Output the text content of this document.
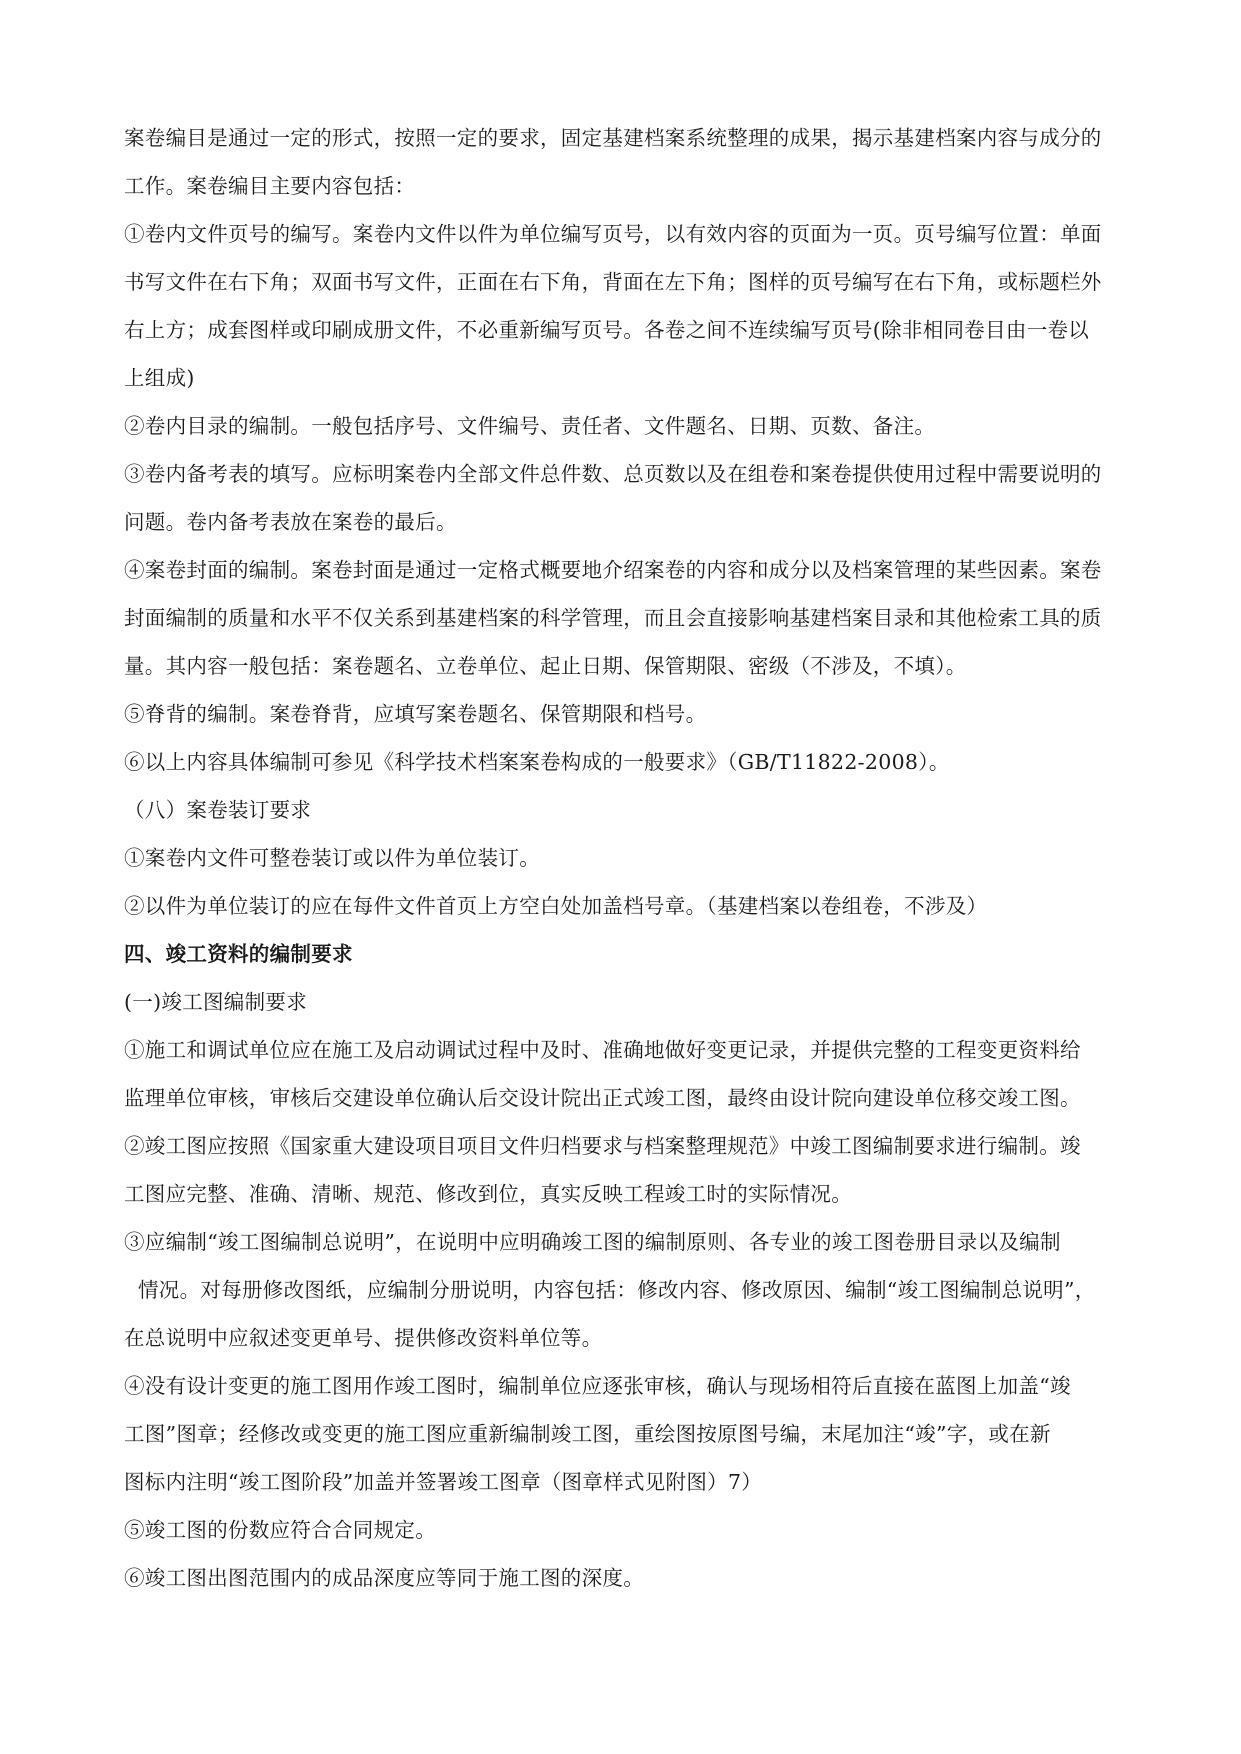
案卷编目是通过一定的形式，按照一定的要求，固定基建档案系统整理的成果，揭示基建档案内容与成分的
工作。案卷编目主要内容包括：
①卷内文件页号的编写。案卷内文件以件为单位编写页号，以有效内容的页面为一页。页号编写位置：单面
书写文件在右下角；双面书写文件，正面在右下角，背面在左下角；图样的页号编写在右下角，或标题栏外
右上方；成套图样或印刷成册文件，不必重新编写页号。各卷之间不连续编写页号(除非相同卷目由一卷以
上组成)
②卷内目录的编制。一般包括序号、文件编号、责任者、文件题名、日期、页数、备注。
③卷内备考表的填写。应标明案卷内全部文件总件数、总页数以及在组卷和案卷提供使用过程中需要说明的
问题。卷内备考表放在案卷的最后。
④案卷封面的编制。案卷封面是通过一定格式概要地介绍案卷的内容和成分以及档案管理的某些因素。案卷
封面编制的质量和水平不仅关系到基建档案的科学管理，而且会直接影响基建档案目录和其他检索工具的质
量。其内容一般包括：案卷题名、立卷单位、起止日期、保管期限、密级（不涉及，不填）。
⑤脊背的编制。案卷脊背，应填写案卷题名、保管期限和档号。
⑥以上内容具体编制可参见《科学技术档案案卷构成的一般要求》（GB/T11822-2008）。
（八）案卷装订要求
①案卷内文件可整卷装订或以件为单位装订。
②以件为单位装订的应在每件文件首页上方空白处加盖档号章。（基建档案以卷组卷，不涉及）
四、竣工资料的编制要求
(一)竣工图编制要求
①施工和调试单位应在施工及启动调试过程中及时、准确地做好变更记录，并提供完整的工程变更资料给
监理单位审核，审核后交建设单位确认后交设计院出正式竣工图，最终由设计院向建设单位移交竣工图。
②竣工图应按照《国家重大建设项目项目文件归档要求与档案整理规范》中竣工图编制要求进行编制。竣
工图应完整、准确、清晰、规范、修改到位，真实反映工程竣工时的实际情况。
③应编制“竣工图编制总说明”，在说明中应明确竣工图的编制原则、各专业的竣工图卷册目录以及编制
情况。对每册修改图纸，应编制分册说明，内容包括：修改内容、修改原因、编制“竣工图编制总说明”，
在总说明中应叙述变更单号、提供修改资料单位等。
④没有设计变更的施工图用作竣工图时，编制单位应逐张审核，确认与现场相符后直接在蓝图上加盖“竣
工图”图章；经修改或变更的施工图应重新编制竣工图，重绘图按原图号编，末尾加注“竣”字，或在新
图标内注明“竣工图阶段”加盖并签署竣工图章（图章样式见附图）7）
⑤竣工图的份数应符合合同规定。
⑥竣工图出图范围内的成品深度应等同于施工图的深度。
